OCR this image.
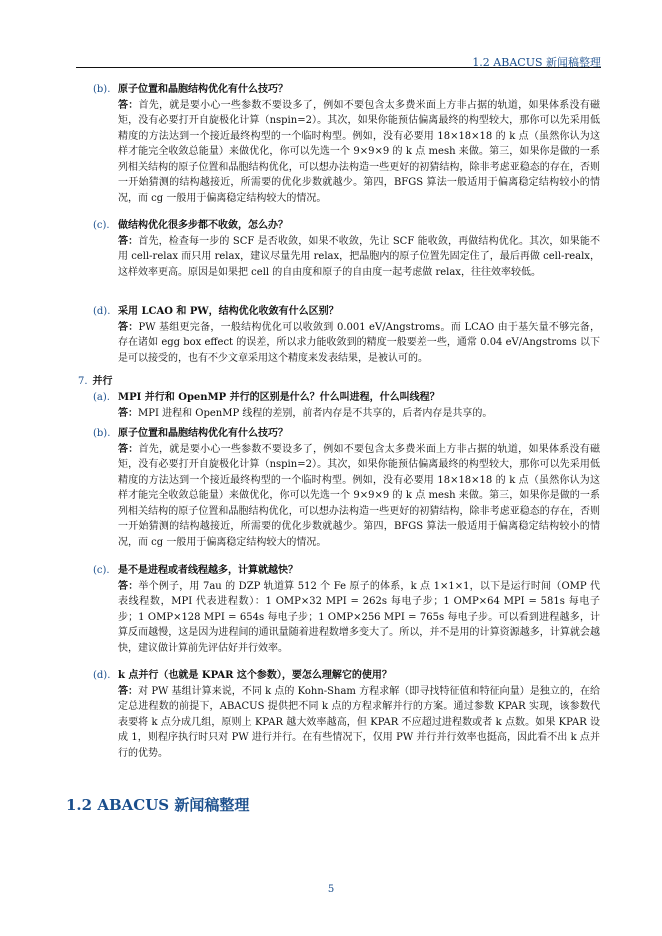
1.2 ABACUS 新闻稿整理
(b). 原子位置和晶胞结构优化有什么技巧？
答：首先，就是要小心一些参数不要设多了，例如不要包含太多费米面上方非占据的轨道，如果体系没有磁矩，没有必要打开自旋极化计算（nspin=2）。其次，如果你能预估偏离最终的构型较大，那你可以先采用低精度的方法达到一个接近最终构型的一个临时构型。例如，没有必要用 18×18×18 的 k 点（虽然你认为这样才能完全收敛总能量）来做优化，你可以先选一个 9×9×9 的 k 点 mesh 来做。第三，如果你是做的一系列相关结构的原子位置和晶胞结构优化，可以想办法构造一些更好的初猜结构，除非考虑亚稳态的存在，否则一开始猜测的结构越接近，所需要的优化步数就越少。第四，BFGS 算法一般适用于偏离稳定结构较小的情况，而 cg 一般用于偏离稳定结构较大的情况。
(c). 做结构优化很多步都不收敛，怎么办？
答：首先，检查每一步的 SCF 是否收敛，如果不收敛，先让 SCF 能收敛，再做结构优化。其次，如果能不用 cell-relax 而只用 relax，建议尽量先用 relax，把晶胞内的原子位置先固定住了，最后再做 cell-realx，这样效率更高。原因是如果把 cell 的自由度和原子的自由度一起考虑做 relax，往往效率较低。
(d). 采用 LCAO 和 PW，结构优化收敛有什么区别？
答：PW 基组更完备，一般结构优化可以收敛到 0.001 eV/Angstroms。而 LCAO 由于基矢量不够完备，存在诸如 egg box effect 的误差，所以求力能收敛到的精度一般要差一些，通常 0.04 eV/Angstroms 以下是可以接受的，也有不少文章采用这个精度来发表结果，是被认可的。
7. 并行
(a). MPI 并行和 OpenMP 并行的区别是什么？什么叫进程，什么叫线程？
答：MPI 进程和 OpenMP 线程的差别，前者内存是不共享的，后者内存是共享的。
(b). 原子位置和晶胞结构优化有什么技巧？
答：首先，就是要小心一些参数不要设多了，例如不要包含太多费米面上方非占据的轨道，如果体系没有磁矩，没有必要打开自旋极化计算（nspin=2）。其次，如果你能预估偏离最终的构型较大，那你可以先采用低精度的方法达到一个接近最终构型的一个临时构型。例如，没有必要用 18×18×18 的 k 点（虽然你认为这样才能完全收敛总能量）来做优化，你可以先选一个 9×9×9 的 k 点 mesh 来做。第三，如果你是做的一系列相关结构的原子位置和晶胞结构优化，可以想办法构造一些更好的初猜结构，除非考虑亚稳态的存在，否则一开始猜测的结构越接近，所需要的优化步数就越少。第四，BFGS 算法一般适用于偏离稳定结构较小的情况，而 cg 一般用于偏离稳定结构较大的情况。
(c). 是不是进程或者线程越多，计算就越快？
答：举个例子，用 7au 的 DZP 轨道算 512 个 Fe 原子的体系，k 点 1×1×1，以下是运行时间（OMP 代表线程数，MPI 代表进程数）：1 OMP×32 MPI = 262s 每电子步；1 OMP×64 MPI = 581s 每电子步；1 OMP×128 MPI = 654s 每电子步；1 OMP×256 MPI = 765s 每电子步。可以看到进程越多，计算反而越慢，这是因为进程间的通讯量随着进程数增多变大了。所以，并不是用的计算资源越多，计算就会越快，建议做计算前先评估好并行效率。
(d). k 点并行（也就是 KPAR 这个参数），要怎么理解它的使用？
答：对 PW 基组计算来说，不同 k 点的 Kohn-Sham 方程求解（即寻找特征值和特征向量）是独立的，在给定总进程数的前提下，ABACUS 提供把不同 k 点的方程求解并行的方案。通过参数 KPAR 实现，该参数代表要将 k 点分成几组，原则上 KPAR 越大效率越高，但 KPAR 不应超过进程数或者 k 点数。如果 KPAR 设成 1，则程序执行时只对 PW 进行并行。在有些情况下，仅用 PW 并行并行效率也挺高，因此看不出 k 点并行的优势。
1.2 ABACUS 新闻稿整理
5
